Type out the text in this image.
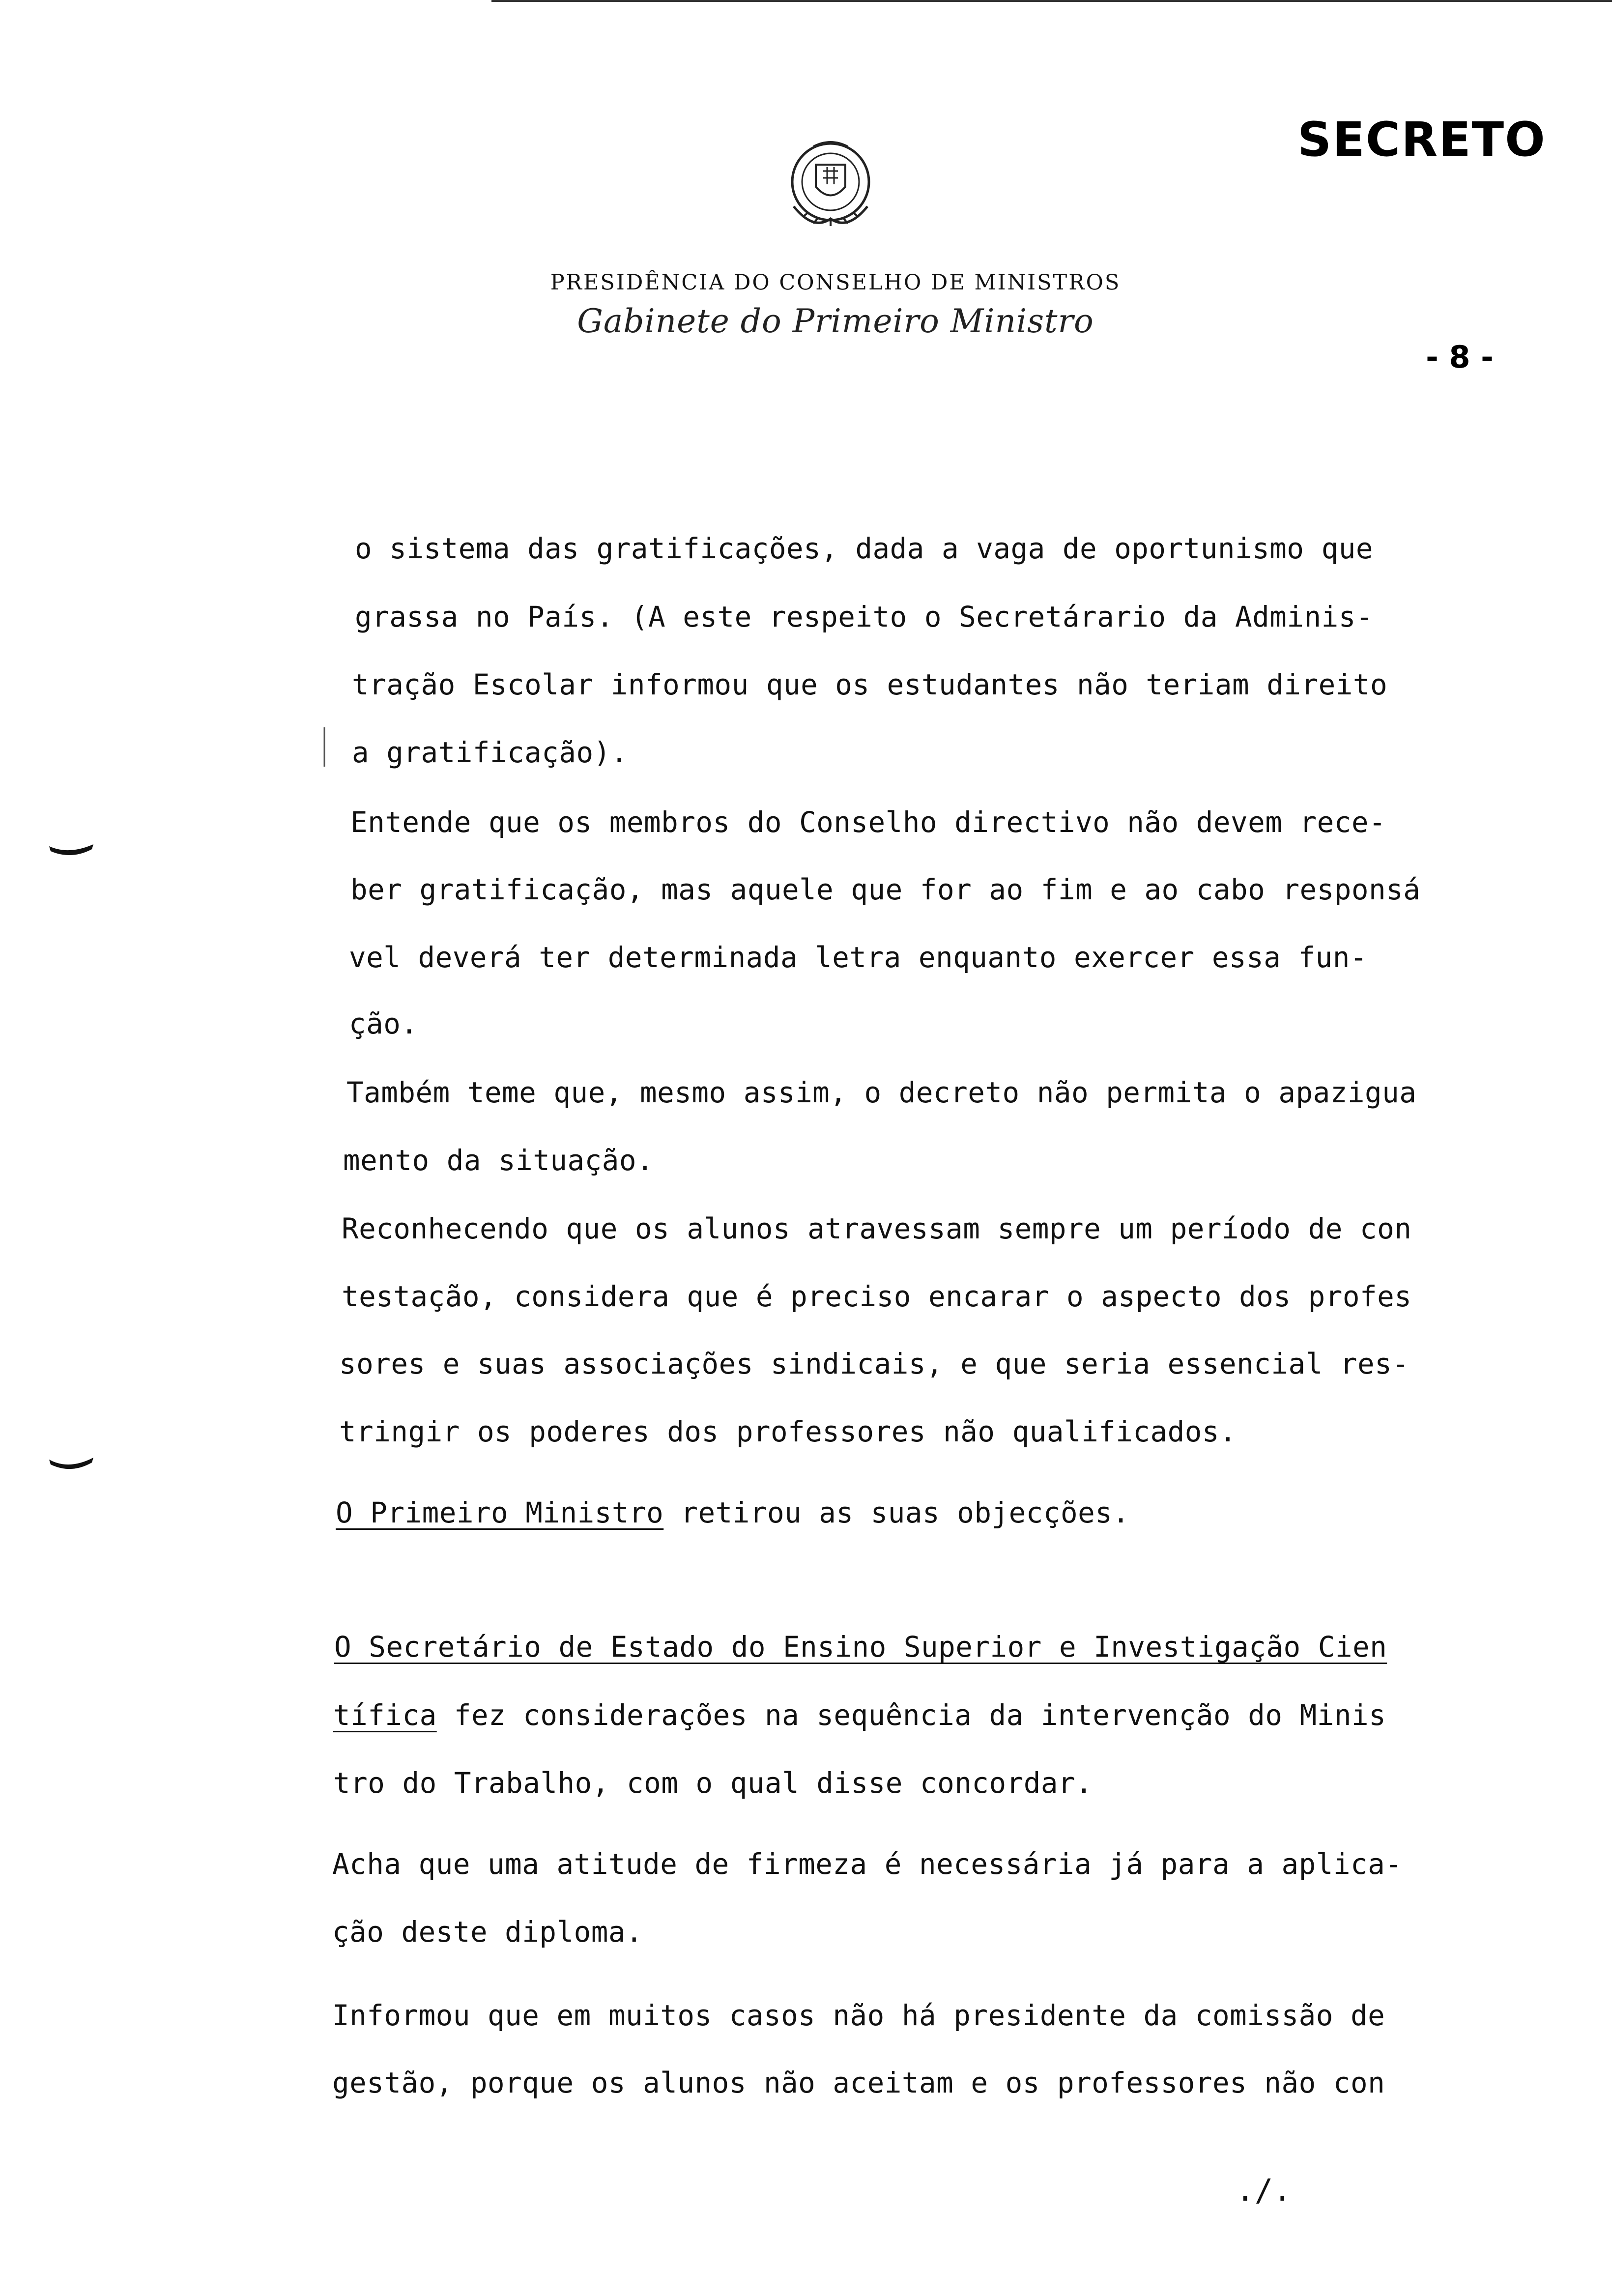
SECRETO
PRESIDÊNCIA DO CONSELHO DE MINISTROS
Gabinete do Primeiro Ministro
- 8 -
o sistema das gratificações, dada a vaga de oportunismo que
grassa no País. (A este respeito o Secretárario da Adminis-
tração Escolar informou que os estudantes não teriam direito
a gratificação).
Entende que os membros do Conselho directivo não devem rece-
ber gratificação, mas aquele que for ao fim e ao cabo responsá
vel deverá ter determinada letra enquanto exercer essa fun-
ção.
Também teme que, mesmo assim, o decreto não permita o apazigua
mento da situação.
Reconhecendo que os alunos atravessam sempre um período de con
testação, considera que é preciso encarar o aspecto dos profes
sores e suas associações sindicais, e que seria essencial res-
tringir os poderes dos professores não qualificados.
O Primeiro Ministro retirou as suas objecções.
O Secretário de Estado do Ensino Superior e Investigação Cien
tífica fez considerações na sequência da intervenção do Minis
tro do Trabalho, com o qual disse concordar.
Acha que uma atitude de firmeza é necessária já para a aplica-
ção deste diploma.
Informou que em muitos casos não há presidente da comissão de
gestão, porque os alunos não aceitam e os professores não con
./.
